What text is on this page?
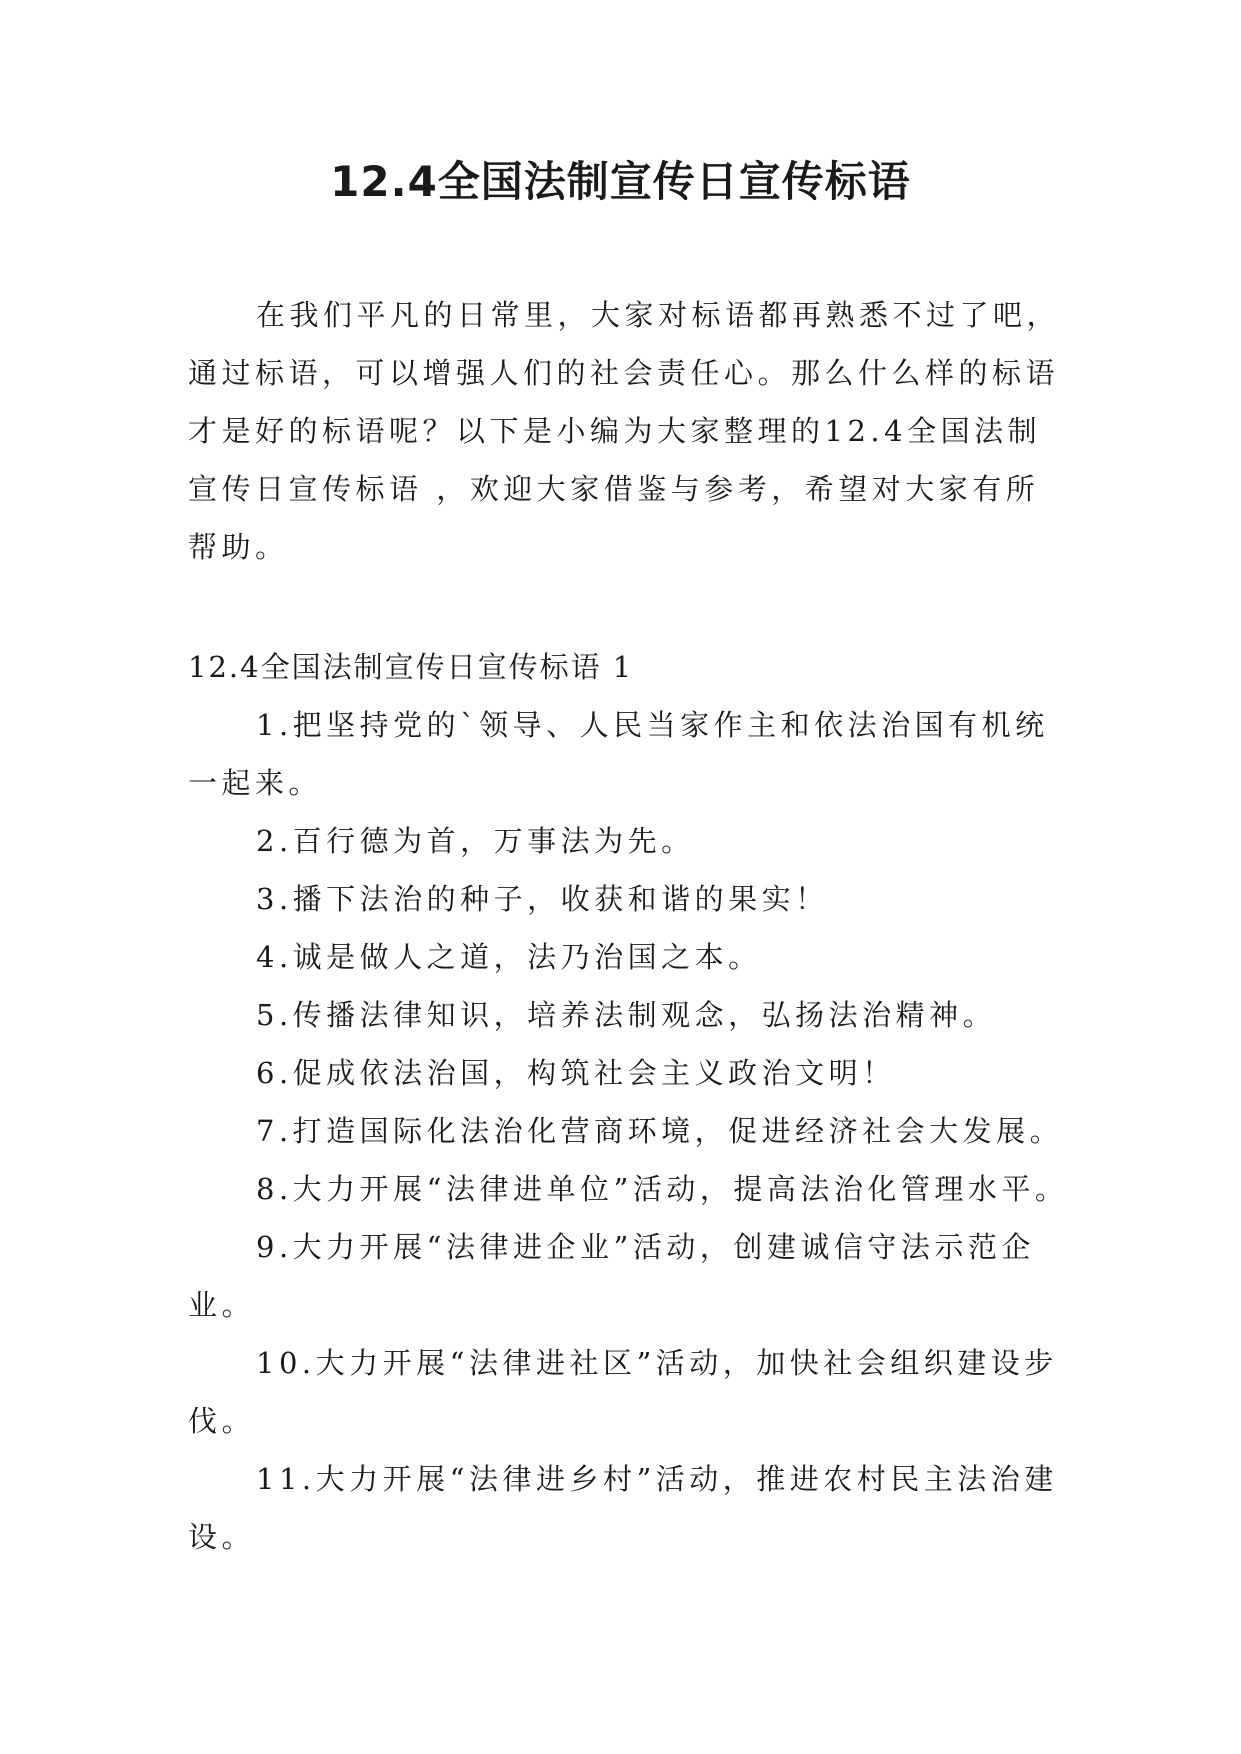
12.4全国法制宣传日宣传标语

在我们平凡的日常里，大家对标语都再熟悉不过了吧，通过标语，可以增强人们的社会责任心。那么什么样的标语才是好的标语呢？以下是小编为大家整理的12.4全国法制宣传日宣传标语 ，欢迎大家借鉴与参考，希望对大家有所帮助。

12.4全国法制宣传日宣传标语 1

1.把坚持党的`领导、人民当家作主和依法治国有机统一起来。
2.百行德为首，万事法为先。
3.播下法治的种子，收获和谐的果实！
4.诚是做人之道，法乃治国之本。
5.传播法律知识，培养法制观念，弘扬法治精神。
6.促成依法治国，构筑社会主义政治文明！
7.打造国际化法治化营商环境，促进经济社会大发展。
8.大力开展“法律进单位”活动，提高法治化管理水平。
9.大力开展“法律进企业”活动，创建诚信守法示范企业。
10.大力开展“法律进社区”活动，加快社会组织建设步伐。
11.大力开展“法律进乡村”活动，推进农村民主法治建设。
